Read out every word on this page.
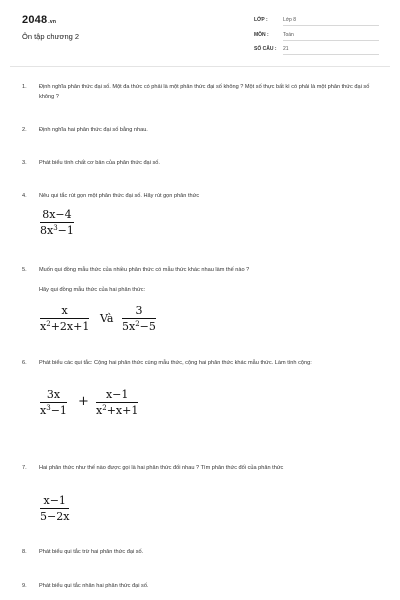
2048.vn
Ôn tập chương 2
LỚP :	Lớp 8
MÔN :	Toán
SỐ CÂU : 21
1. Định nghĩa phân thức đại số. Một đa thức có phải là một phân thức đại số không ? Một số thực bất kì có phải là một phân thức đại số không ?
2. Định nghĩa hai phân thức đại số bằng nhau.
3. Phát biểu tính chất cơ bản của phân thức đại số.
4. Nêu qui tắc rút gọn một phân thức đại số. Hãy rút gọn phân thức
8x−4
$8x^3-1$
5. Muốn qui đồng mẫu thức của nhiều phân thức có mẫu thức khác nhau làm thế nào ?
Hãy qui đồng mẫu thức của hai phân thức:
x
$x^2+2x+1$
Và
3
$5x^2-5$
6. Phát biểu các qui tắc: Cộng hai phân thức cùng mẫu thức, cộng hai phân thức khác mẫu thức. Làm tính cộng:
3x
$x^3-1$
+	x−1
$x^2+x+1$
7. Hai phân thức như thế nào được gọi là hai phân thức đối nhau ? Tìm phân thức đối của phân thức
x−1
5−2x
8. Phát biểu qui tắc trừ hai phân thức đại số.
9. Phát biểu qui tắc nhân hai phân thức đại số.
